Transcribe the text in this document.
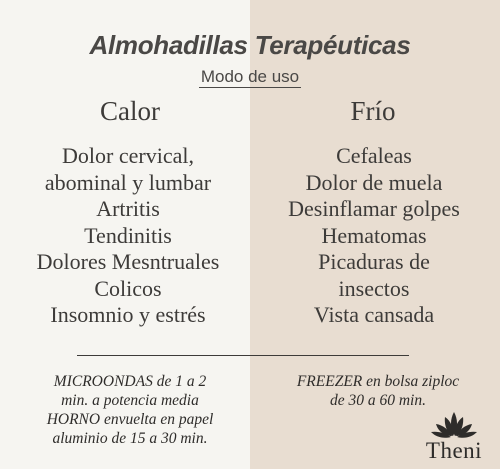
Almohadillas Terapéuticas
Modo de uso
Calor	Frío
Dolor cervical,
abominal y lumbar
Artritis
Tendinitis
Dolores Mesntruales
Colicos
Insomnio y estrés
Cefaleas
Dolor de muela
Desinflamar golpes
Hematomas
Picaduras de
insectos
Vista cansada
MICROONDAS de 1 a 2
min. a potencia media
HORNO envuelta en papel
aluminio de 15 a 30 min.
FREEZER en bolsa ziploc
de 30 a 60 min.
Theni
